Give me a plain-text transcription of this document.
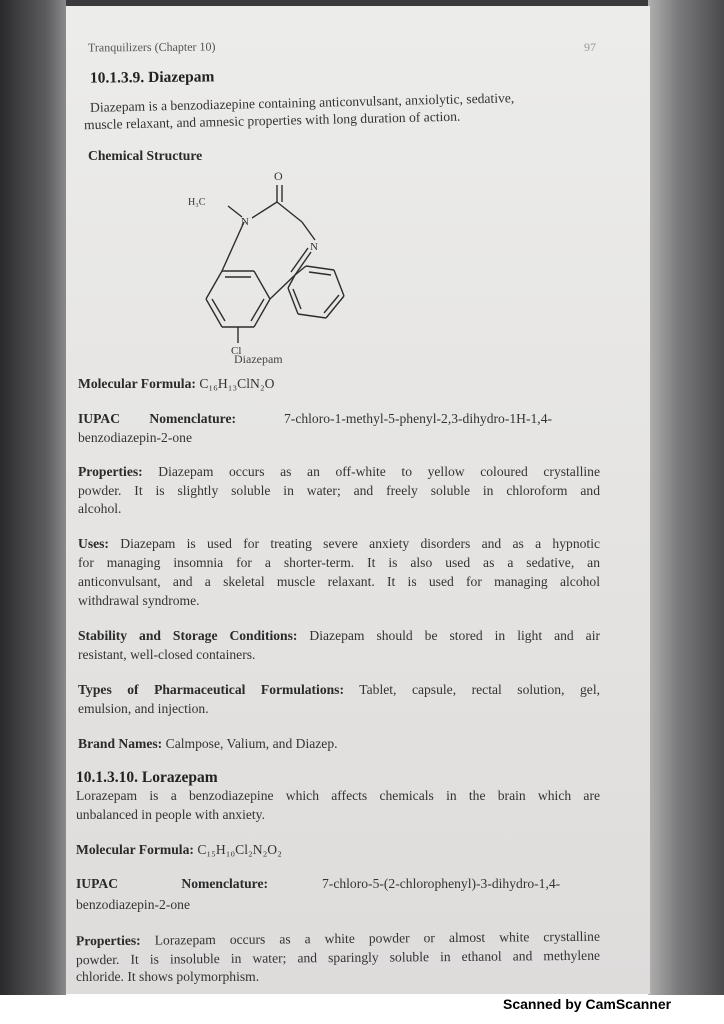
Tranquilizers (Chapter 10)	97

10.1.3.9. Diazepam

Diazepam is a benzodiazepine containing anticonvulsant, anxiolytic, sedative,

muscle relaxant, and amnesic properties with long duration of action.

Chemical Structure

O
N
N
Cl
H₃C

Diazepam

Molecular Formula: C₁₆H₁₃ClN₂O

IUPAC Nomenclature:	7-chloro-1-methyl-5-phenyl-2,3-dihydro-1H-1,4-

benzodiazepin-2-one

Properties: Diazepam occurs as an off-white to yellow coloured crystalline

powder. It is slightly soluble in water; and freely soluble in chloroform and

alcohol.

Uses: Diazepam is used for treating severe anxiety disorders and as a hypnotic

for managing insomnia for a shorter-term. It is also used as a sedative, an

anticonvulsant, and a skeletal muscle relaxant. It is used for managing alcohol

withdrawal syndrome.

Stability and Storage Conditions: Diazepam should be stored in light and air

resistant, well-closed containers.

Types of Pharmaceutical Formulations: Tablet, capsule, rectal solution, gel,

emulsion, and injection.

Brand Names: Calmpose, Valium, and Diazep.

10.1.3.10. Lorazepam

Lorazepam is a benzodiazepine which affects chemicals in the brain which are

unbalanced in people with anxiety.

Molecular Formula: C₁₅H₁₀Cl₂N₂O₂

IUPAC Nomenclature:	7-chloro-5-(2-chlorophenyl)-3-dihydro-1,4-

benzodiazepin-2-one

Properties: Lorazepam occurs as a white powder or almost white crystalline

powder. It is insoluble in water; and sparingly soluble in ethanol and methylene

chloride. It shows polymorphism.

Scanned by CamScanner
